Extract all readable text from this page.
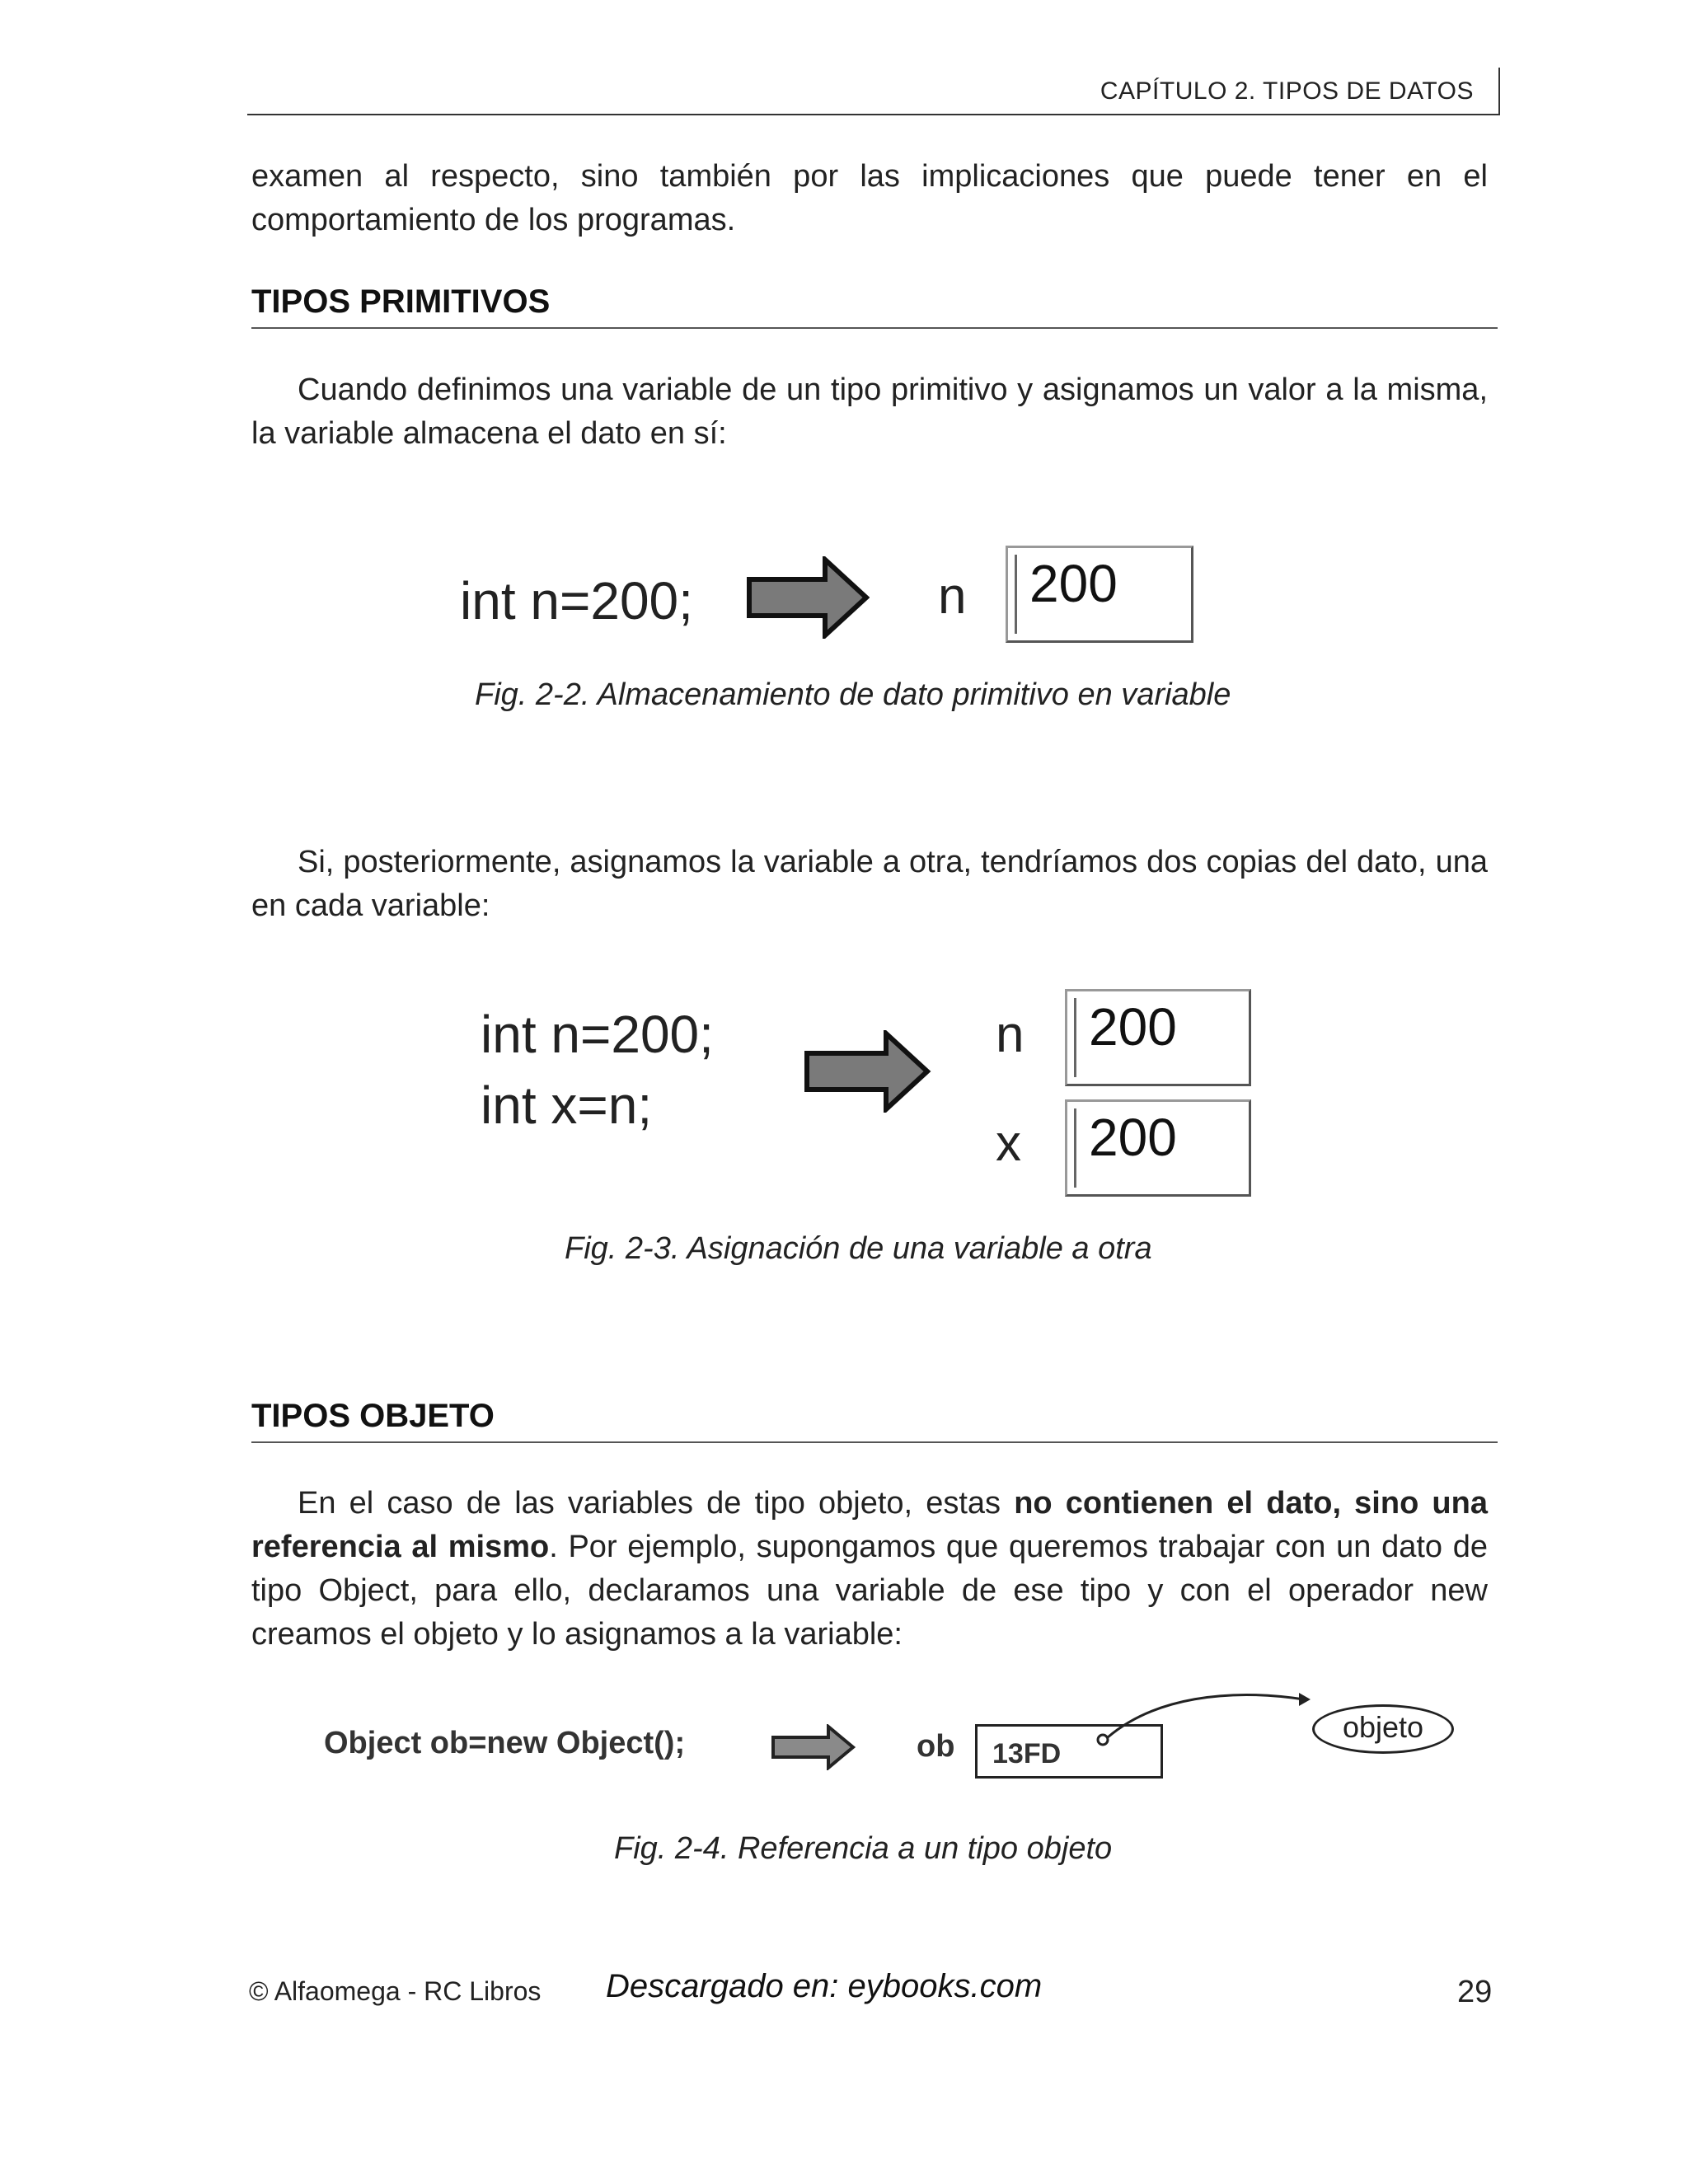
CAPÍTULO 2. TIPOS DE DATOS
examen al respecto, sino también por las implicaciones que puede tener en el comportamiento de los programas.
TIPOS PRIMITIVOS
Cuando definimos una variable de un tipo primitivo y asignamos un valor a la misma, la variable almacena el dato en sí:
int n=200;	n 200
Fig. 2-2. Almacenamiento de dato primitivo en variable
Si, posteriormente, asignamos la variable a otra, tendríamos dos copias del dato, una en cada variable:
int n=200;
int x=n;
n 200
x 200
Fig. 2-3. Asignación de una variable a otra
TIPOS OBJETO
En el caso de las variables de tipo objeto, estas no contienen el dato, sino una referencia al mismo. Por ejemplo, supongamos que queremos trabajar con un dato de tipo Object, para ello, declaramos una variable de ese tipo y con el operador new creamos el objeto y lo asignamos a la variable:
Object ob=new Object();	ob 13FD
objeto
Fig. 2-4. Referencia a un tipo objeto
© Alfaomega - RC Libros Descargado en: eybooks.com	29
